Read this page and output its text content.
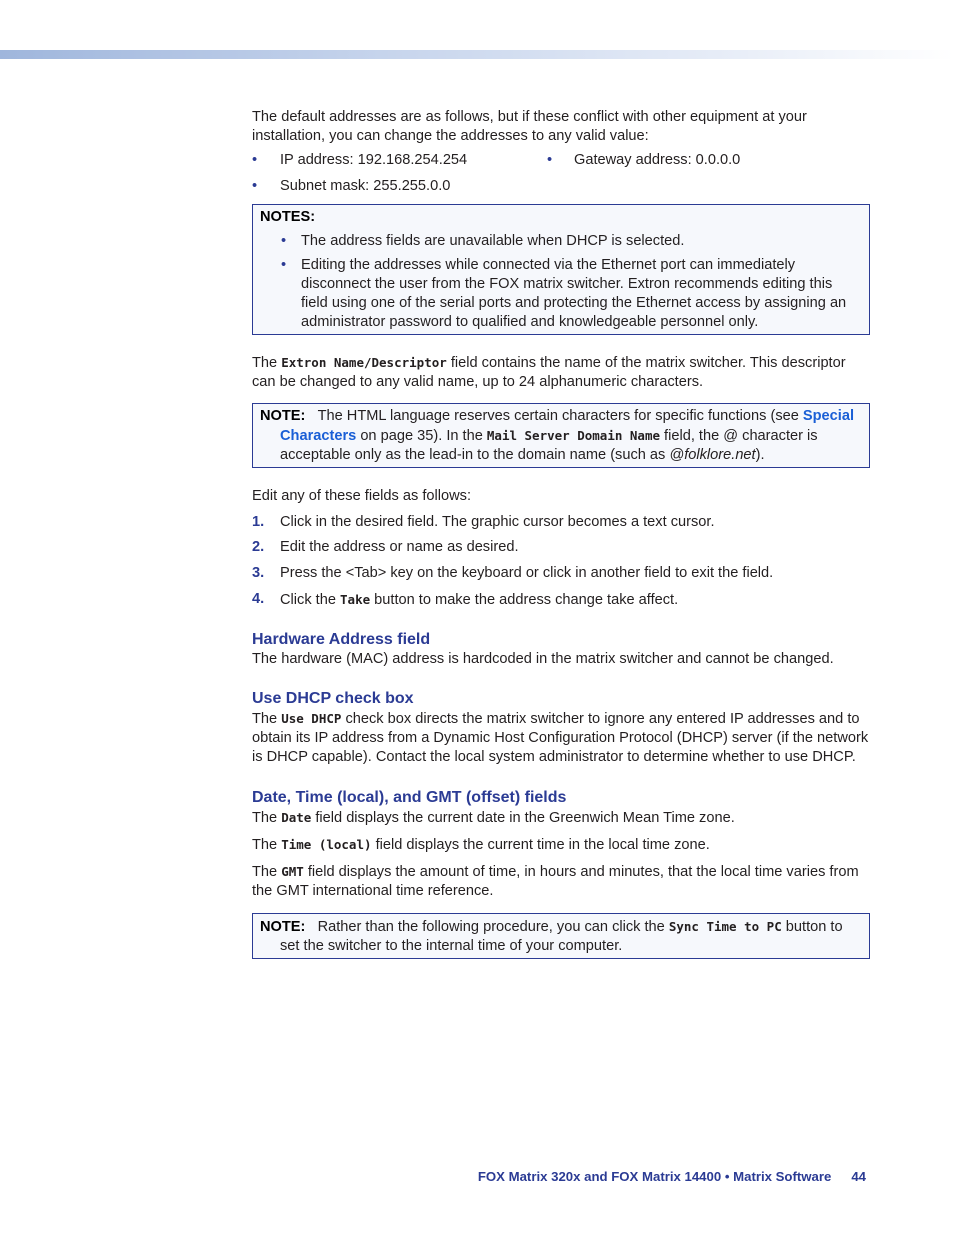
The default addresses are as follows, but if these conflict with other equipment at your installation, you can change the addresses to any valid value:

• IP address: 192.168.254.254	• Gateway address: 0.0.0.0
• Subnet mask: 255.255.0.0
NOTES:
• The address fields are unavailable when DHCP is selected.
• Editing the addresses while connected via the Ethernet port can immediately disconnect the user from the FOX matrix switcher. Extron recommends editing this field using one of the serial ports and protecting the Ethernet access by assigning an administrator password to qualified and knowledgeable personnel only.

The Extron Name/Descriptor field contains the name of the matrix switcher. This descriptor can be changed to any valid name, up to 24 alphanumeric characters.

NOTE: The HTML language reserves certain characters for specific functions (see Special Characters on page 35). In the Mail Server Domain Name field, the @ character is acceptable only as the lead-in to the domain name (such as @folklore.net).

Edit any of these fields as follows:

1. Click in the desired field. The graphic cursor becomes a text cursor.
2. Edit the address or name as desired.
3. Press the <Tab> key on the keyboard or click in another field to exit the field.
4. Click the Take button to make the address change take affect.
Hardware Address field

The hardware (MAC) address is hardcoded in the matrix switcher and cannot be changed.

Use DHCP check box

The Use DHCP check box directs the matrix switcher to ignore any entered IP addresses and to obtain its IP address from a Dynamic Host Configuration Protocol (DHCP) server (if the network is DHCP capable). Contact the local system administrator to determine whether to use DHCP.

Date, Time (local), and GMT (offset) fields

The Date field displays the current date in the Greenwich Mean Time zone.

The Time (local) field displays the current time in the local time zone.

The GMT field displays the amount of time, in hours and minutes, that the local time varies from the GMT international time reference.

NOTE: Rather than the following procedure, you can click the Sync Time to PC button to set the switcher to the internal time of your computer.
FOX Matrix 320x and FOX Matrix 14400 • Matrix Software 44
